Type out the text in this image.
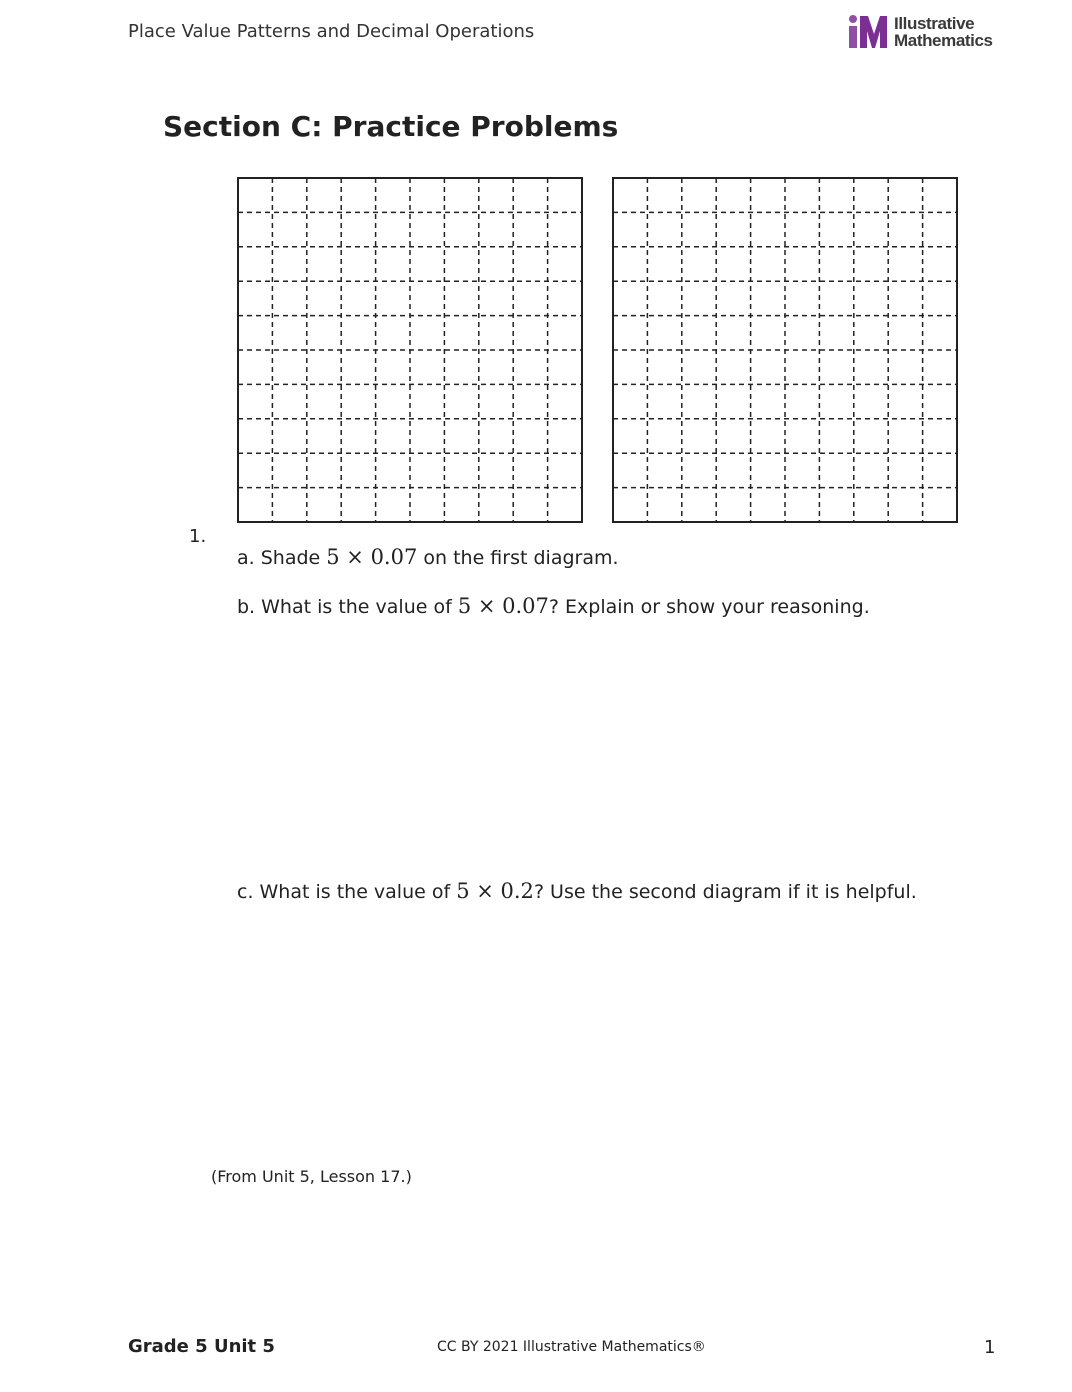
Place Value Patterns and Decimal Operations	Illustrative
Mathematics
Section C: Practice Problems
1.
a. Shade 5 × 0.07 on the first diagram.
b. What is the value of 5 × 0.07? Explain or show your reasoning.
c. What is the value of 5 × 0.2? Use the second diagram if it is helpful.
(From Unit 5, Lesson 17.)
Grade 5 Unit 5	CC BY 2021 Illustrative Mathematics®	1
